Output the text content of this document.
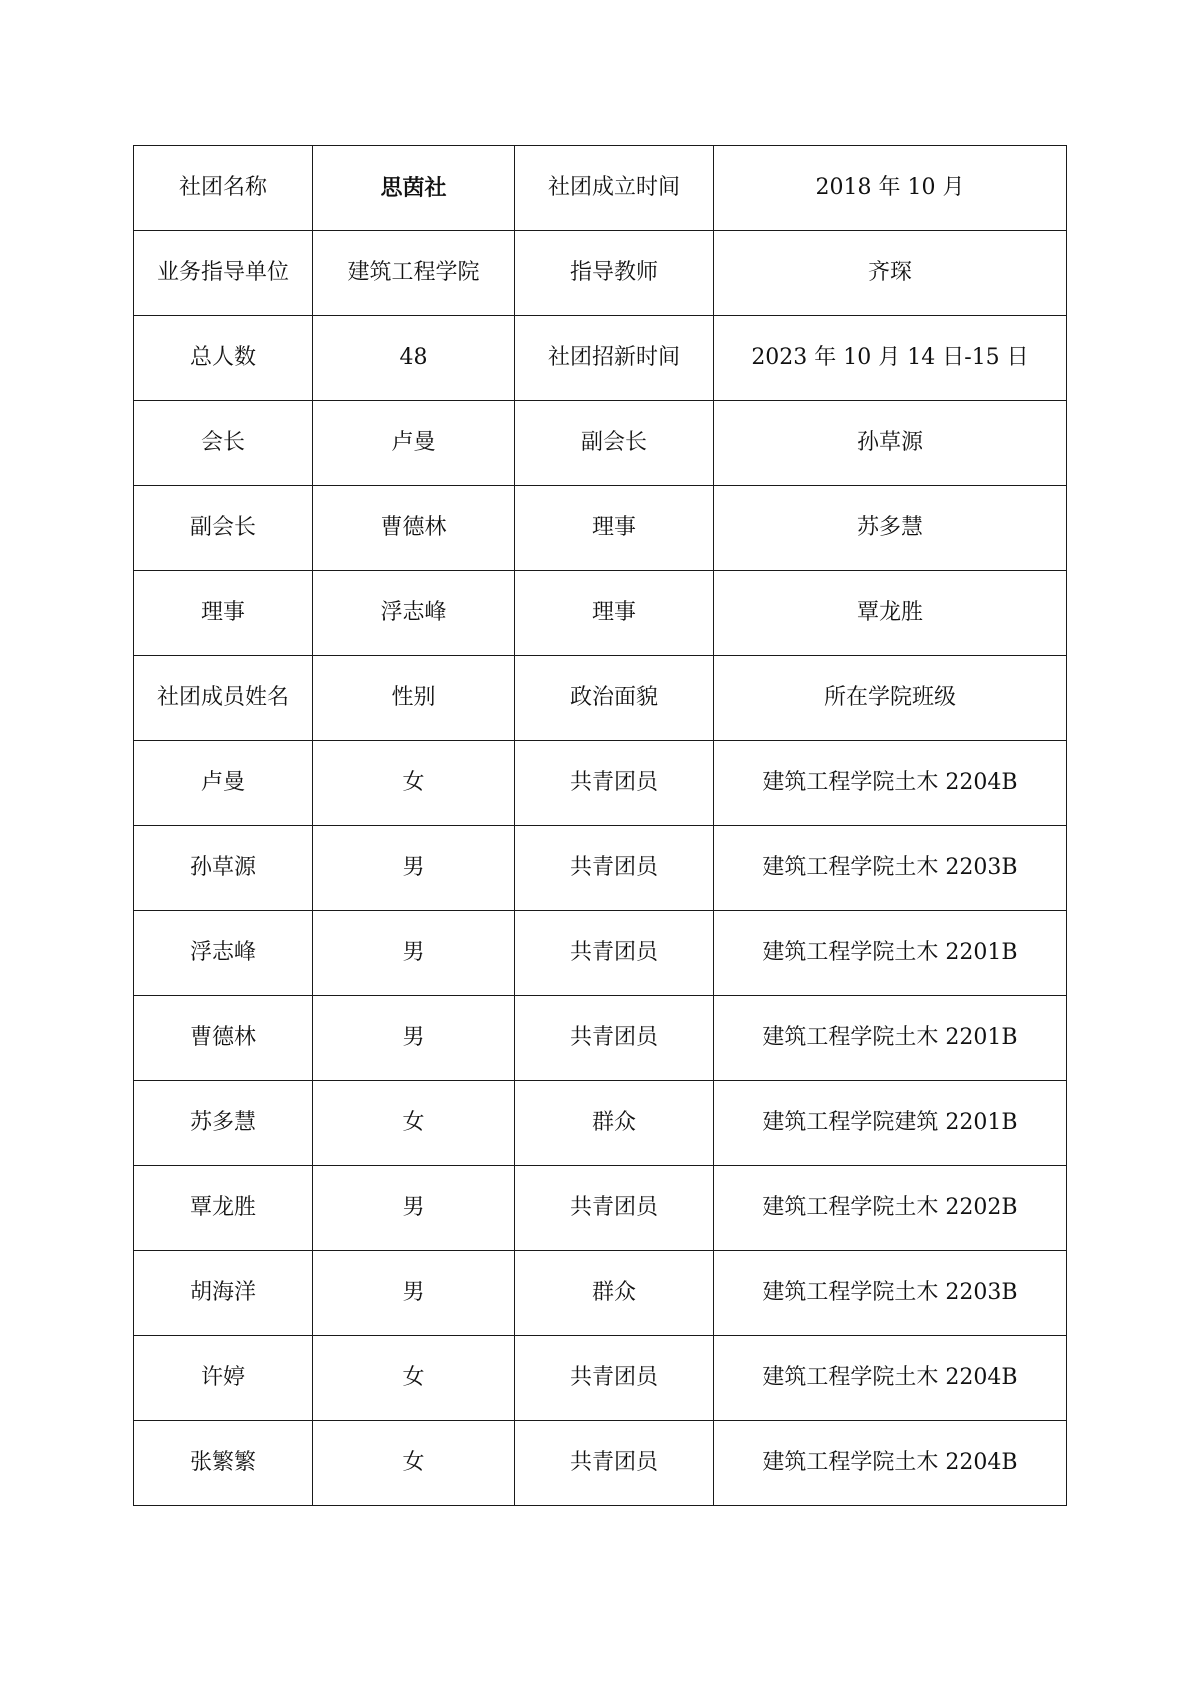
社团名称	思茵社	社团成立时间	2018 年 10 月
业务指导单位	建筑工程学院	指导教师	齐琛
总人数	48	社团招新时间	2023 年 10 月 14 日-15 日
会长	卢曼	副会长	孙草源
副会长	曹德林	理事	苏多慧
理事	浮志峰	理事	覃龙胜
社团成员姓名	性别	政治面貌	所在学院班级
卢曼	女	共青团员	建筑工程学院土木 2204B
孙草源	男	共青团员	建筑工程学院土木 2203B
浮志峰	男	共青团员	建筑工程学院土木 2201B
曹德林	男	共青团员	建筑工程学院土木 2201B
苏多慧	女	群众	建筑工程学院建筑 2201B
覃龙胜	男	共青团员	建筑工程学院土木 2202B
胡海洋	男	群众	建筑工程学院土木 2203B
许婷	女	共青团员	建筑工程学院土木 2204B
张繁繁	女	共青团员	建筑工程学院土木 2204B
